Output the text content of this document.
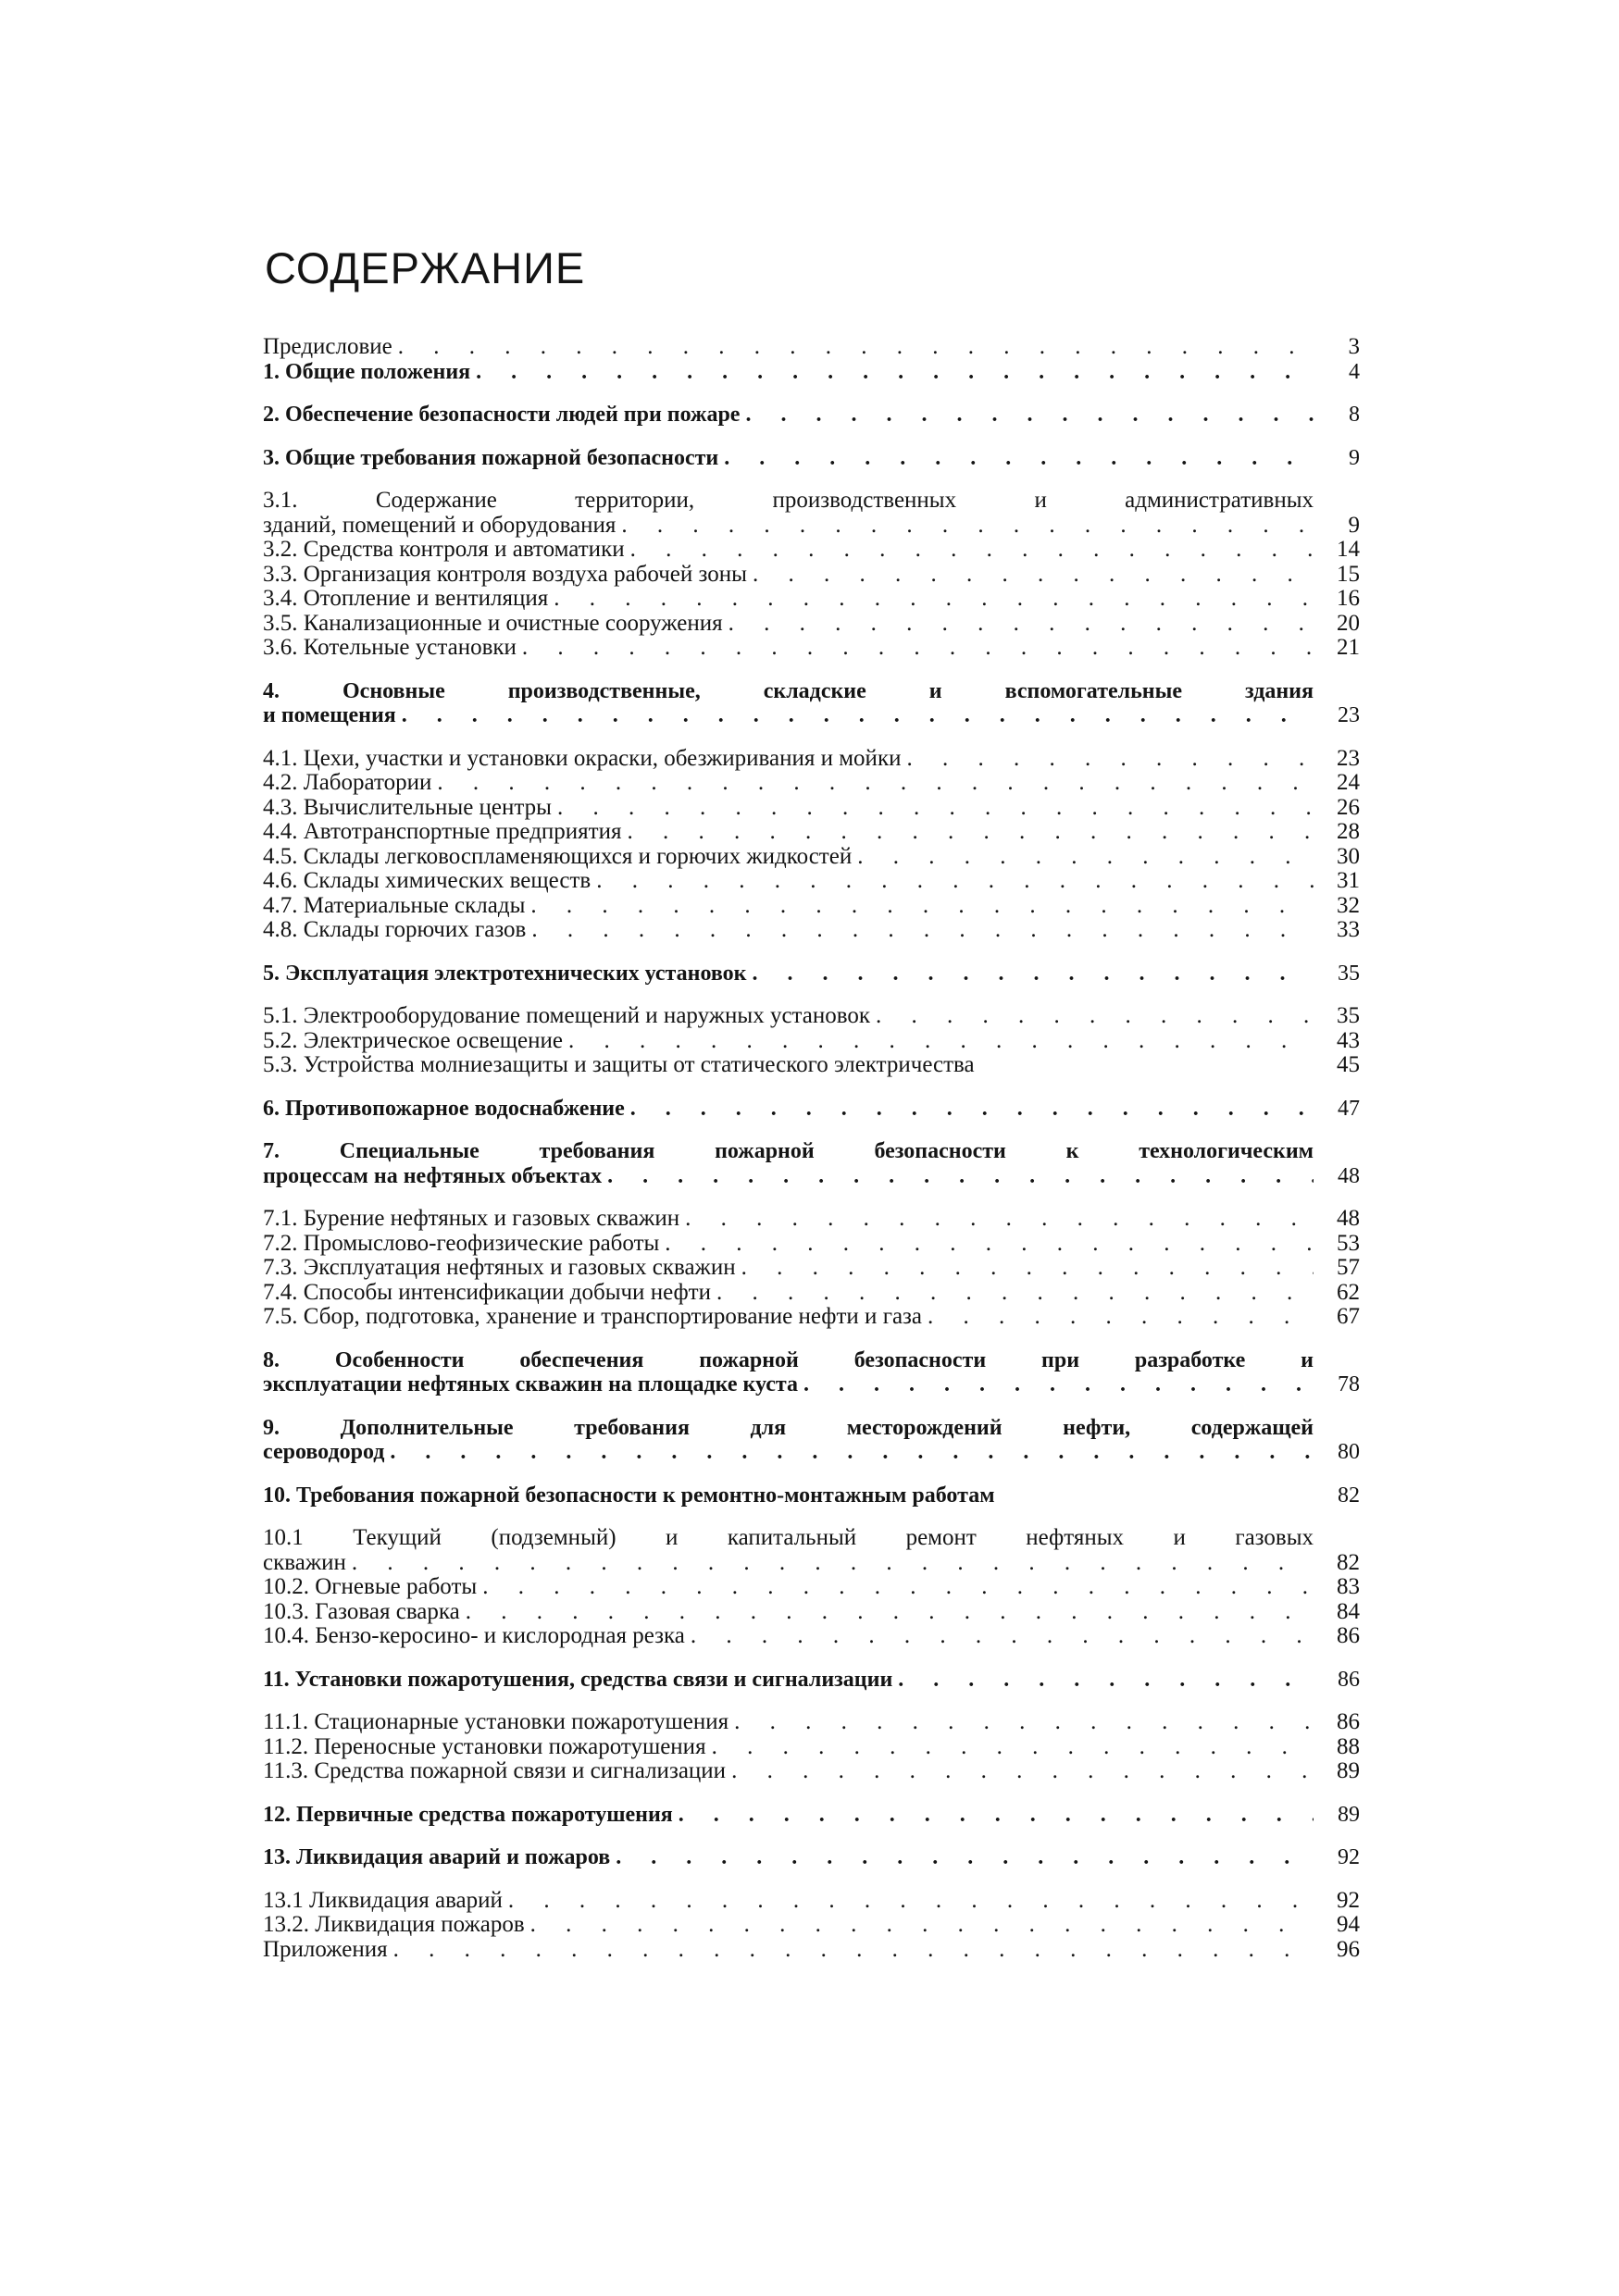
СОДЕРЖАНИЕ
Предисловие . . .	3
1. Общие положения . . .	4
2. Обеспечение безопасности людей при пожаре . . .	8
3. Общие требования пожарной безопасности . . .	9
3.1. Содержание территории, производственных и административных
зданий, помещений и оборудования . . .	9
3.2. Средства контроля и автоматики . . .	14
3.3. Организация контроля воздуха рабочей зоны . . .	15
3.4. Отопление и вентиляция . . .	16
3.5. Канализационные и очистные сооружения . . .	20
3.6. Котельные установки . . .	21
4. Основные производственные, складские и вспомогательные здания
и помещения . . .	23
4.1. Цехи, участки и установки окраски, обезжиривания и мойки . . .	23
4.2. Лаборатории . . .	24
4.3. Вычислительные центры . . .	26
4.4. Автотранспортные предприятия . . .	28
4.5. Склады легковоспламеняющихся и горючих жидкостей . . .	30
4.6. Склады химических веществ . . .	31
4.7. Материальные склады . . .	32
4.8. Склады горючих газов . . .	33
5. Эксплуатация электротехнических установок . . .	35
5.1. Электрооборудование помещений и наружных установок . . .	35
5.2. Электрическое освещение . . .	43
5.3. Устройства молниезащиты и защиты от статического электричества	45
6. Противопожарное водоснабжение . . .	47
7. Специальные требования пожарной безопасности к технологическим
процессам на нефтяных объектах . . .	48
7.1. Бурение нефтяных и газовых скважин . . .	48
7.2. Промыслово-геофизические работы . . .	53
7.3. Эксплуатация нефтяных и газовых скважин . . .	57
7.4. Способы интенсификации добычи нефти . . .	62
7.5. Сбор, подготовка, хранение и транспортирование нефти и газа . . .	67
8. Особенности обеспечения пожарной безопасности при разработке и
эксплуатации нефтяных скважин на площадке куста . . .	78
9. Дополнительные требования для месторождений нефти, содержащей
сероводород . . .	80
10. Требования пожарной безопасности к ремонтно-монтажным работам	82
10.1 Текущий (подземный) и капитальный ремонт нефтяных и газовых
скважин . . .	82
10.2. Огневые работы . . .	83
10.3. Газовая сварка . . .	84
10.4. Бензо-керосино- и кислородная резка . . .	86
11. Установки пожаротушения, средства связи и сигнализации . . .	86
11.1. Стационарные установки пожаротушения . . .	86
11.2. Переносные установки пожаротушения . . .	88
11.3. Средства пожарной связи и сигнализации . . .	89
12. Первичные средства пожаротушения . . .	89
13. Ликвидация аварий и пожаров . . .	92
13.1 Ликвидация аварий . . .	92
13.2. Ликвидация пожаров . . .	94
Приложения . . .	96
